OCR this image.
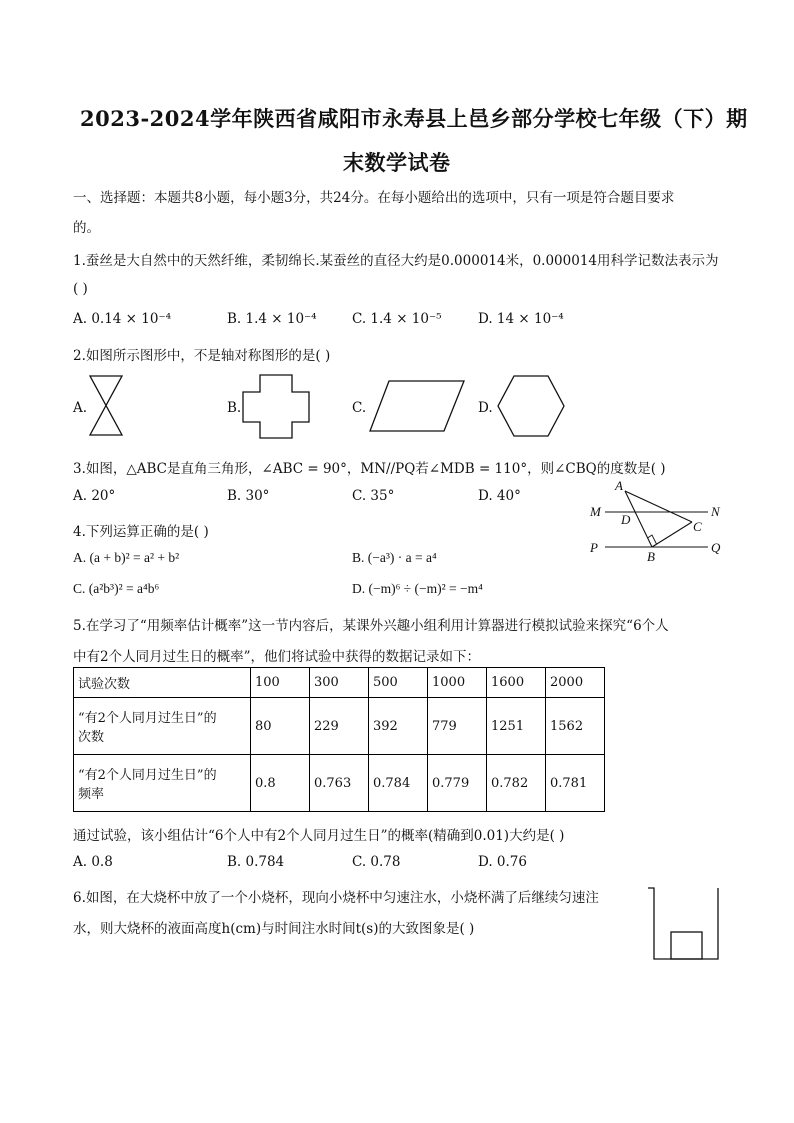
2023-2024学年陕西省咸阳市永寿县上邑乡部分学校七年级（下）期
末数学试卷
一、选择题：本题共8小题，每小题3分，共24分。在每小题给出的选项中，只有一项是符合题目要求
的。
1.蚕丝是大自然中的天然纤维，柔韧绵长.某蚕丝的直径大约是0.000014米，0.000014用科学记数法表示为
( )
A. 0.14 × 10⁻⁴	B. 1.4 × 10⁻⁴	C. 1.4 × 10⁻⁵	D. 14 × 10⁻⁴
2.如图所示图形中，不是轴对称图形的是( )
A.	B.	C.	D.
3.如图，△ABC是直角三角形，∠ABC = 90°，MN//PQ若∠MDB = 110°，则∠CBQ的度数是( )
A. 20°	B. 30°	C. 35°	D. 40°
A
M
D
N
C
P
B
Q
4.下列运算正确的是( )
A. (a + b)² = a² + b²	B. (−a³) · a = a⁴
C. (a²b³)² = a⁴b⁶	D. (−m)⁶ ÷ (−m)² = −m⁴
5.在学习了“用频率估计概率”这一节内容后，某课外兴趣小组利用计算器进行模拟试验来探究“6个人
中有2个人同月过生日的概率”，他们将试验中获得的数据记录如下：
试验次数	100	300	500	1000	1600	2000

“有2个人同月过生日”的
次数	80	229	392	779	1251	1562

“有2个人同月过生日”的
频率	0.8	0.763	0.784	0.779	0.782	0.781
通过试验，该小组估计“6个人中有2个人同月过生日”的概率(精确到0.01)大约是( )
A. 0.8	B. 0.784	C. 0.78	D. 0.76
6.如图，在大烧杯中放了一个小烧杯，现向小烧杯中匀速注水，小烧杯满了后继续匀速注
水，则大烧杯的液面高度h(cm)与时间注水时间t(s)的大致图象是( )
